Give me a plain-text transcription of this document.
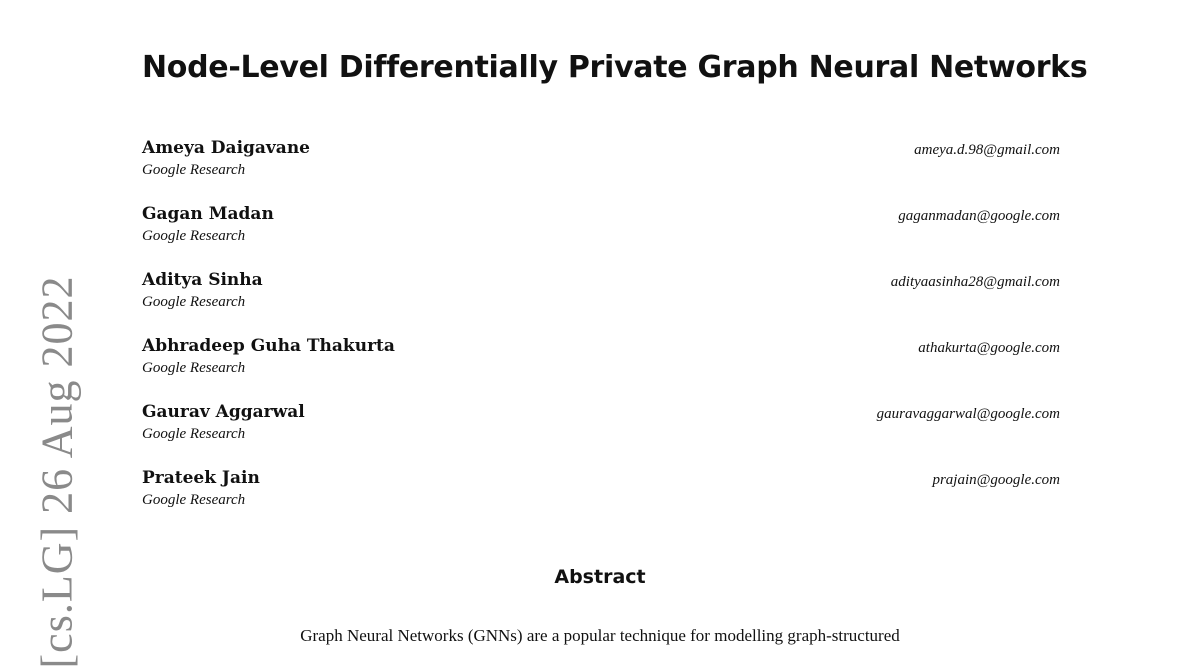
[cs.LG] 26 Aug 2022
Node-Level Differentially Private Graph Neural Networks
Ameya Daigavane
Google Research
ameya.d.98@gmail.com
Gagan Madan
Google Research
gaganmadan@google.com
Aditya Sinha
Google Research
adityaasinha28@gmail.com
Abhradeep Guha Thakurta
Google Research
athakurta@google.com
Gaurav Aggarwal
Google Research
gauravaggarwal@google.com
Prateek Jain
Google Research
prajain@google.com
Abstract
Graph Neural Networks (GNNs) are a popular technique for modelling graph-structured
